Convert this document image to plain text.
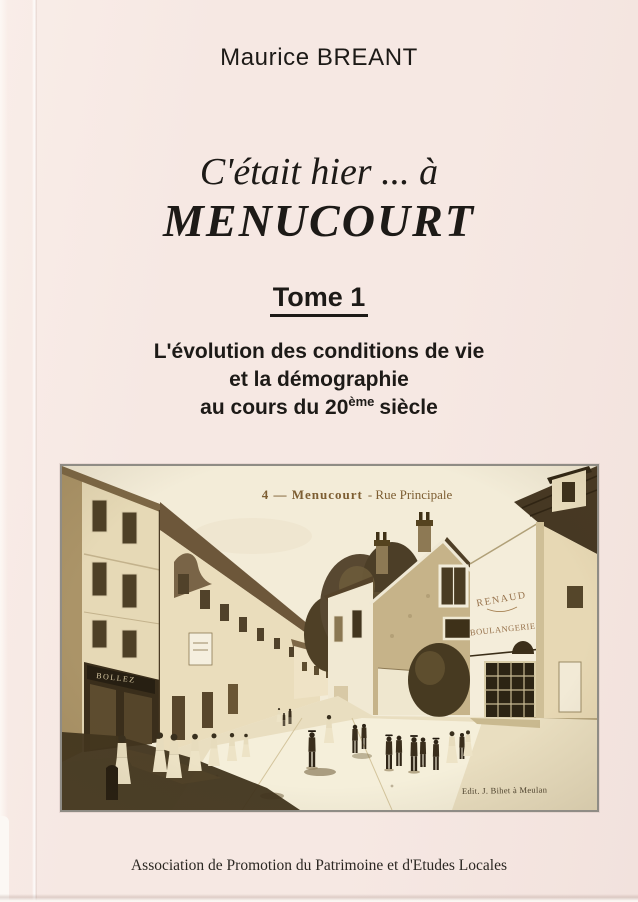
Maurice BREANT
C'était hier ... à
MENUCOURT
Tome 1
L'évolution des conditions de vie
et la démographie
au cours du 20ème siècle
Association de Promotion du Patrimoine et d'Etudes Locales
